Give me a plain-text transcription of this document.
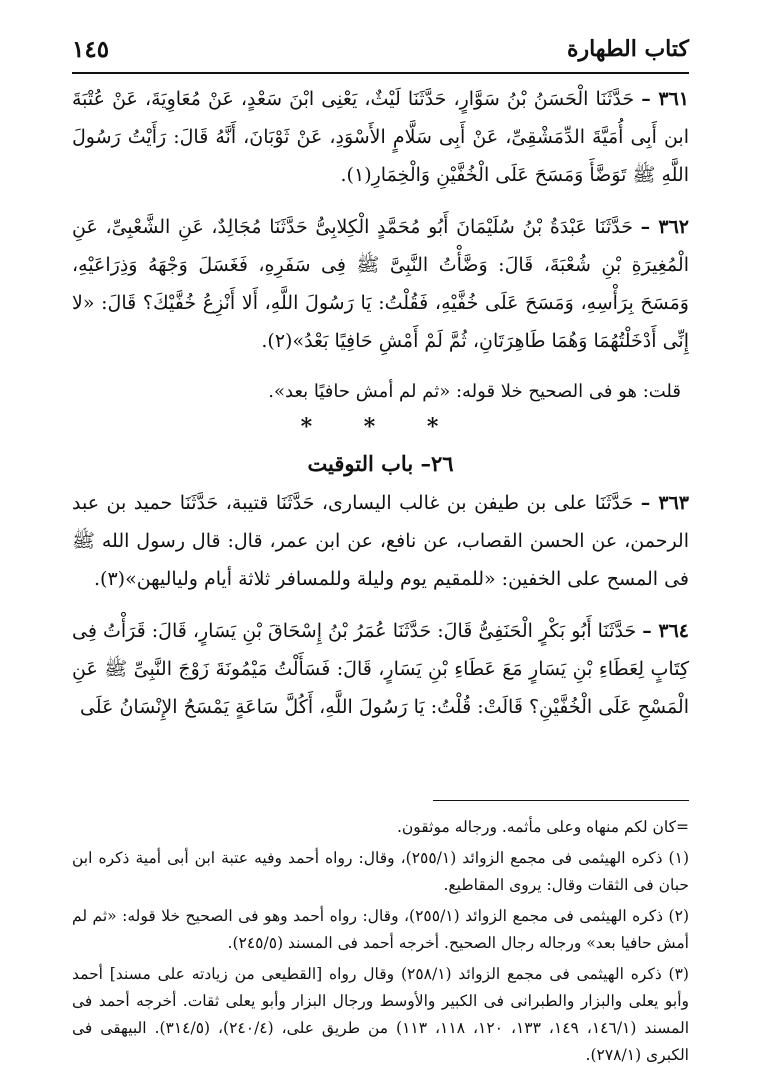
كتاب الطهارة
١٤٥

٣٦١ – حَدَّثَنَا الْحَسَنُ بْنُ سَوَّارٍ، حَدَّثَنَا لَيْثٌ، يَعْنِى ابْنَ سَعْدٍ، عَنْ مُعَاوِيَةَ، عَنْ عُتْبَةَ ابن أَبِى أُمَيَّةَ الدِّمَشْقِىِّ، عَنْ أَبِى سَلَّامٍ الأَسْوَدِ، عَنْ ثَوْبَانَ، أَنَّهُ قَالَ: رَأَيْتُ رَسُولَ اللَّهِ ﷺ تَوَضَّأَ وَمَسَحَ عَلَى الْخُفَّيْنِ وَالْخِمَارِ(١).

٣٦٢ – حَدَّثَنَا عَبْدَةُ بْنُ سُلَيْمَانَ أَبُو مُحَمَّدٍ الْكِلابِىُّ حَدَّثَنَا مُجَالِدٌ، عَنِ الشَّعْبِىِّ، عَنِ الْمُغِيرَةِ بْنِ شُعْبَةَ، قَالَ: وَضَّأْتُ النَّبِىَّ ﷺ فِى سَفَرِهِ، فَغَسَلَ وَجْهَهُ وَذِرَاعَيْهِ، وَمَسَحَ بِرَأْسِهِ، وَمَسَحَ عَلَى خُفَّيْهِ، فَقُلْتُ: يَا رَسُولَ اللَّهِ، أَلا أَنْزِعُ خُفَّيْكَ؟ قَالَ: «لا إِنِّى أَدْخَلْتُهُمَا وَهُمَا طَاهِرَتَانِ، ثُمَّ لَمْ أَمْشِ حَافِيًا بَعْدُ»(٢).

قلت: هو فى الصحيح خلا قوله: «ثم لم أمش حافيًا بعد».

* * *
٢٦– باب التوقيت

٣٦٣ – حَدَّثَنَا على بن طيفن بن غالب اليسارى، حَدَّثَنَا قتيبة، حَدَّثَنَا حميد بن عبد الرحمن، عن الحسن القصاب، عن نافع، عن ابن عمر، قال: قال رسول الله ﷺ فى المسح على الخفين: «للمقيم يوم وليلة وللمسافر ثلاثة أيام ولياليهن»(٣).

٣٦٤ – حَدَّثَنَا أَبُو بَكْرٍ الْحَنَفِىُّ قَالَ: حَدَّثَنَا عُمَرُ بْنُ إِسْحَاقَ بْنِ يَسَارٍ، قَالَ: قَرَأْتُ فِى كِتَابٍ لِعَطَاءِ بْنِ يَسَارٍ مَعَ عَطَاءِ بْنِ يَسَارٍ، قَالَ: فَسَأَلْتُ مَيْمُونَةَ زَوْجَ النَّبِىِّ ﷺ عَنِ الْمَسْحِ عَلَى الْخُفَّيْنِ؟ قَالَتْ: قُلْتُ: يَا رَسُولَ اللَّهِ، أَكُلَّ سَاعَةٍ يَمْسَحُ الإِنْسَانُ عَلَى

=كان لكم منهاه وعلى مأثمه. ورجاله موثقون.

(١) ذكره الهيثمى فى مجمع الزوائد (٢٥٥/١)، وقال: رواه أحمد وفيه عتبة ابن أبى أمية ذكره ابن حبان فى الثقات وقال: يروى المقاطيع.

(٢) ذكره الهيثمى فى مجمع الزوائد (٢٥٥/١)، وقال: رواه أحمد وهو فى الصحيح خلا قوله: «ثم لم أمش حافيا بعد» ورجاله رجال الصحيح. أخرجه أحمد فى المسند (٢٤٥/٥).

(٣) ذكره الهيثمى فى مجمع الزوائد (٢٥٨/١) وقال رواه [القطيعى من زيادته على مسند] أحمد وأبو يعلى والبزار والطبرانى فى الكبير والأوسط ورجال البزار وأبو يعلى ثقات. أخرجه أحمد فى المسند (١٤٦/١، ١٤٩، ١٣٣، ١٢٠، ١١٨، ١١٣) من طريق على، (٢٤٠/٤)، (٣١٤/٥). البيهقى فى الكبرى (٢٧٨/١).
